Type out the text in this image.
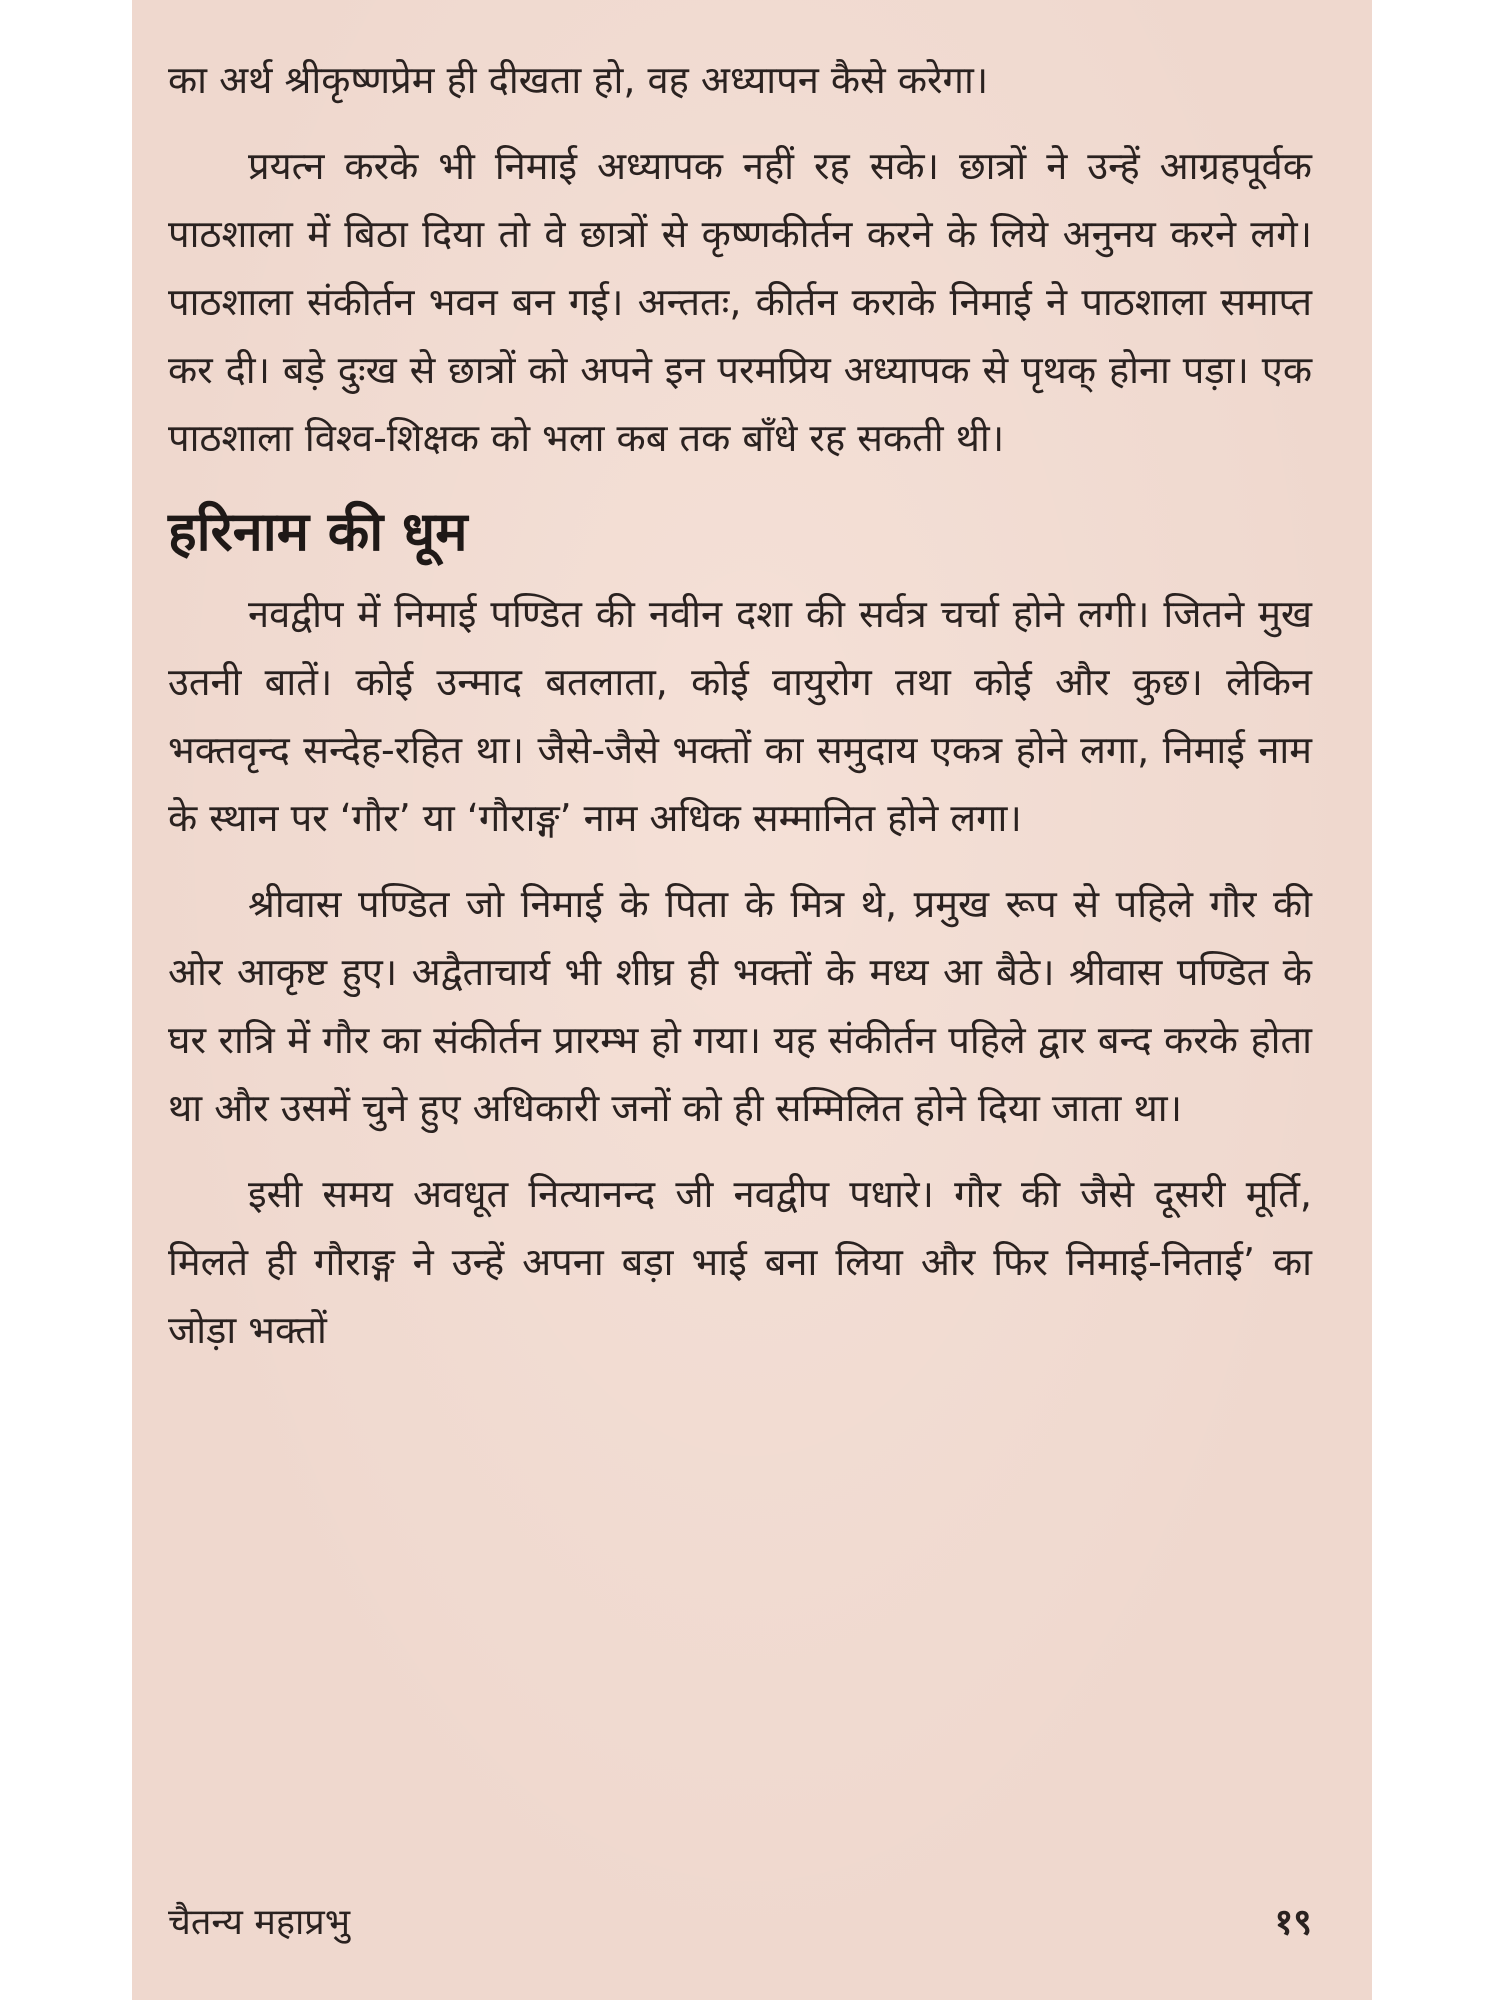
का अर्थ श्रीकृष्णप्रेम ही दीखता हो, वह अध्यापन कैसे करेगा।

प्रयत्न करके भी निमाई अध्यापक नहीं रह सके। छात्रों ने उन्हें आग्रहपूर्वक पाठशाला में बिठा दिया तो वे छात्रों से कृष्णकीर्तन करने के लिये अनुनय करने लगे। पाठशाला संकीर्तन भवन बन गई। अन्ततः, कीर्तन कराके निमाई ने पाठशाला समाप्त कर दी। बड़े दुःख से छात्रों को अपने इन परमप्रिय अध्यापक से पृथक् होना पड़ा। एक पाठशाला विश्व-शिक्षक को भला कब तक बाँधे रह सकती थी।

हरिनाम की धूम

नवद्वीप में निमाई पण्डित की नवीन दशा की सर्वत्र चर्चा होने लगी। जितने मुख उतनी बातें। कोई उन्माद बतलाता, कोई वायुरोग तथा कोई और कुछ। लेकिन भक्तवृन्द सन्देह-रहित था। जैसे-जैसे भक्तों का समुदाय एकत्र होने लगा, निमाई नाम के स्थान पर ‘गौर’ या ‘गौराङ्ग’ नाम अधिक सम्मानित होने लगा।

श्रीवास पण्डित जो निमाई के पिता के मित्र थे, प्रमुख रूप से पहिले गौर की ओर आकृष्ट हुए। अद्वैताचार्य भी शीघ्र ही भक्तों के मध्य आ बैठे। श्रीवास पण्डित के घर रात्रि में गौर का संकीर्तन प्रारम्भ हो गया। यह संकीर्तन पहिले द्वार बन्द करके होता था और उसमें चुने हुए अधिकारी जनों को ही सम्मिलित होने दिया जाता था।

इसी समय अवधूत नित्यानन्द जी नवद्वीप पधारे। गौर की जैसे दूसरी मूर्ति, मिलते ही गौराङ्ग ने उन्हें अपना बड़ा भाई बना लिया और फिर निमाई-निताई’ का जोड़ा भक्तों

चैतन्य महाप्रभु	१९
